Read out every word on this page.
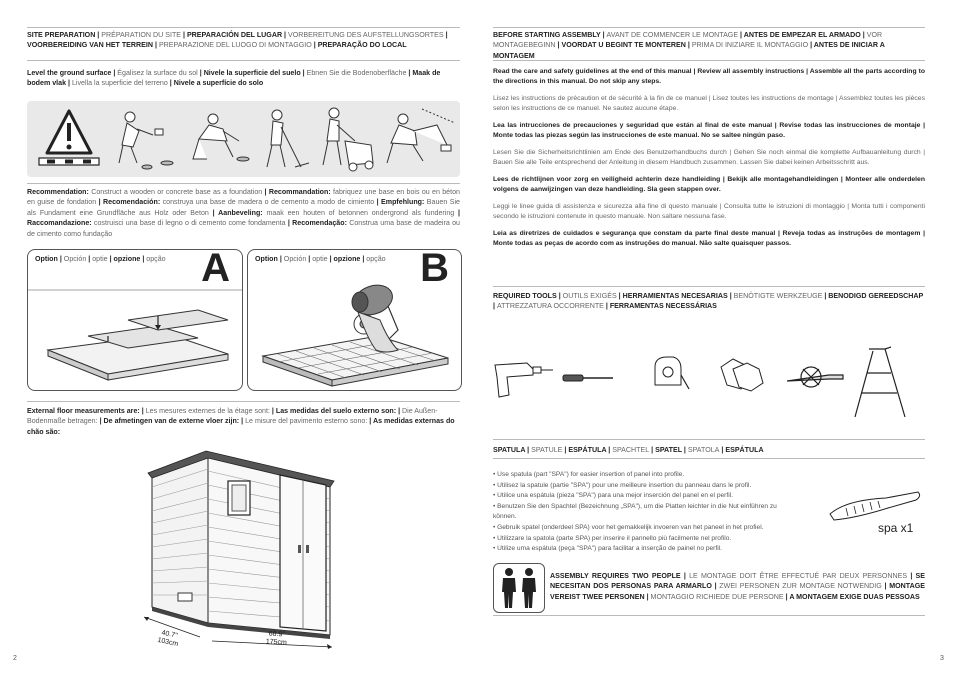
SITE PREPARATION | PRÉPARATION DU SITE | PREPARACIÓN DEL LUGAR | VORBEREITUNG DES AUFSTELLUNGSORTES | VOORBEREIDING VAN HET TERREIN | PREPARAZIONE DEL LUOGO DI MONTAGGIO | PREPARAÇÃO DO LOCAL
Level the ground surface | Égalisez la surface du sol | Nivele la superficie del suelo | Ebnen Sie die Bodenoberfläche | Maak de bodem vlak | Livella la superficie del terreno | Nivele a superfície do solo
Recommendation: Construct a wooden or concrete base as a foundation | Recommandation: fabriquez une base en bois ou en béton en guise de fondation | Recomendación: construya una base de madera o de cemento a modo de cimiento | Empfehlung: Bauen Sie als Fundament eine Grundfläche aus Holz oder Beton | Aanbeveling: maak een houten of betonnen ondergrond als fundering | Raccomandazione: costruisci una base di legno o di cemento come fondamenta | Recomendação: Construa uma base de madeira ou de cimento como fundação
Option | Opción | optie | opzione | opção A	Option | Opción | optie | opzione | opção B
External floor measurements are: | Les mesures externes de la étage sont: | Las medidas del suelo externo son: | Die Außen-Bodenmaße betragen: | De afmetingen van de externe vloer zijn: | Le misure del pavimento esterno sono: | As medidas externas do chão são:
40.7"
103cm
68.9"
175cm
2
BEFORE STARTING ASSEMBLY | AVANT DE COMMENCER LE MONTAGE | ANTES DE EMPEZAR EL ARMADO | VOR MONTAGEBEGINN | VOORDAT U BEGINT TE MONTEREN | PRIMA DI INIZIARE IL MONTAGGIO | ANTES DE INICIAR A MONTAGEM
Read the care and safety guidelines at the end of this manual | Review all assembly instructions | Assemble all the parts according to the directions in this manual. Do not skip any steps.
Lisez les instructions de précaution et de sécurité à la fin de ce manuel | Lisez toutes les instructions de montage | Assemblez toutes les pièces selon les instructions de ce manuel. Ne sautez aucune étape.
Lea las intrucciones de precauciones y seguridad que están al final de este manual | Revise todas las instrucciones de montaje | Monte todas las piezas según las instrucciones de este manual. No se saltee ningún paso.
Lesen Sie die Sicherheitsrichtlinien am Ende des Benutzerhandbuchs durch | Gehen Sie noch einmal die komplette Aufbauanleitung durch | Bauen Sie alle Teile entsprechend der Anleitung in diesem Handbuch zusammen. Lassen Sie dabei keinen Arbeitsschritt aus.
Lees de richtlijnen voor zorg en veiligheid achterin deze handleiding | Bekijk alle montagehandleidingen | Monteer alle onderdelen volgens de aanwijzingen van deze handleiding. Sla geen stappen over.
Leggi le linee guida di assistenza e sicurezza alla fine di questo manuale | Consulta tutte le istruzioni di montaggio | Monta tutti i componenti secondo le istruzioni contenute in questo manuale. Non saltare nessuna fase.
Leia as diretrizes de cuidados e segurança que constam da parte final deste manual | Reveja todas as instruções de montagem | Monte todas as peças de acordo com as instruções do manual. Não salte quaisquer passos.
REQUIRED TOOLS | OUTILS EXIGÉS | HERRAMIENTAS NECESARIAS | BENÖTIGTE WERKZEUGE | BENODIGD GEREEDSCHAP | ATTREZZATURA OCCORRENTE | FERRAMENTAS NECESSÁRIAS
SPATULA | SPATULE | ESPÁTULA | SPACHTEL | SPATEL | SPATOLA | ESPÁTULA
• Use spatula (part "SPA") for easier insertion of panel into profile.
• Utilisez la spatule (partie "SPA") pour une meilleure insertion du panneau dans le profil.
• Utilice una espátula (pieza "SPA") para una mejor inserción del panel en el perfil.
• Benutzen Sie den Spachtel (Bezeichnung „SPA"), um die Platten leichter in die Nut einführen zu können.
• Gebruik spatel (onderdeel SPA) voor het gemakkelijk invoeren van het paneel in het profiel.
• Utilizzare la spatola (parte SPA) per inserire il pannello più facilmente nel profilo.
• Utilize uma espátula (peça "SPA") para facilitar a inserção de painel no perfil.
spa x1
ASSEMBLY REQUIRES TWO PEOPLE | LE MONTAGE DOIT ÊTRE EFFECTUÉ PAR DEUX PERSONNES | SE NECESITAN DOS PERSONAS PARA ARMARLO | ZWEI PERSONEN ZUR MONTAGE NOTWENDIG | MONTAGE VEREIST TWEE PERSONEN | MONTAGGIO RICHIEDE DUE PERSONE | A MONTAGEM EXIGE DUAS PESSOAS
3
